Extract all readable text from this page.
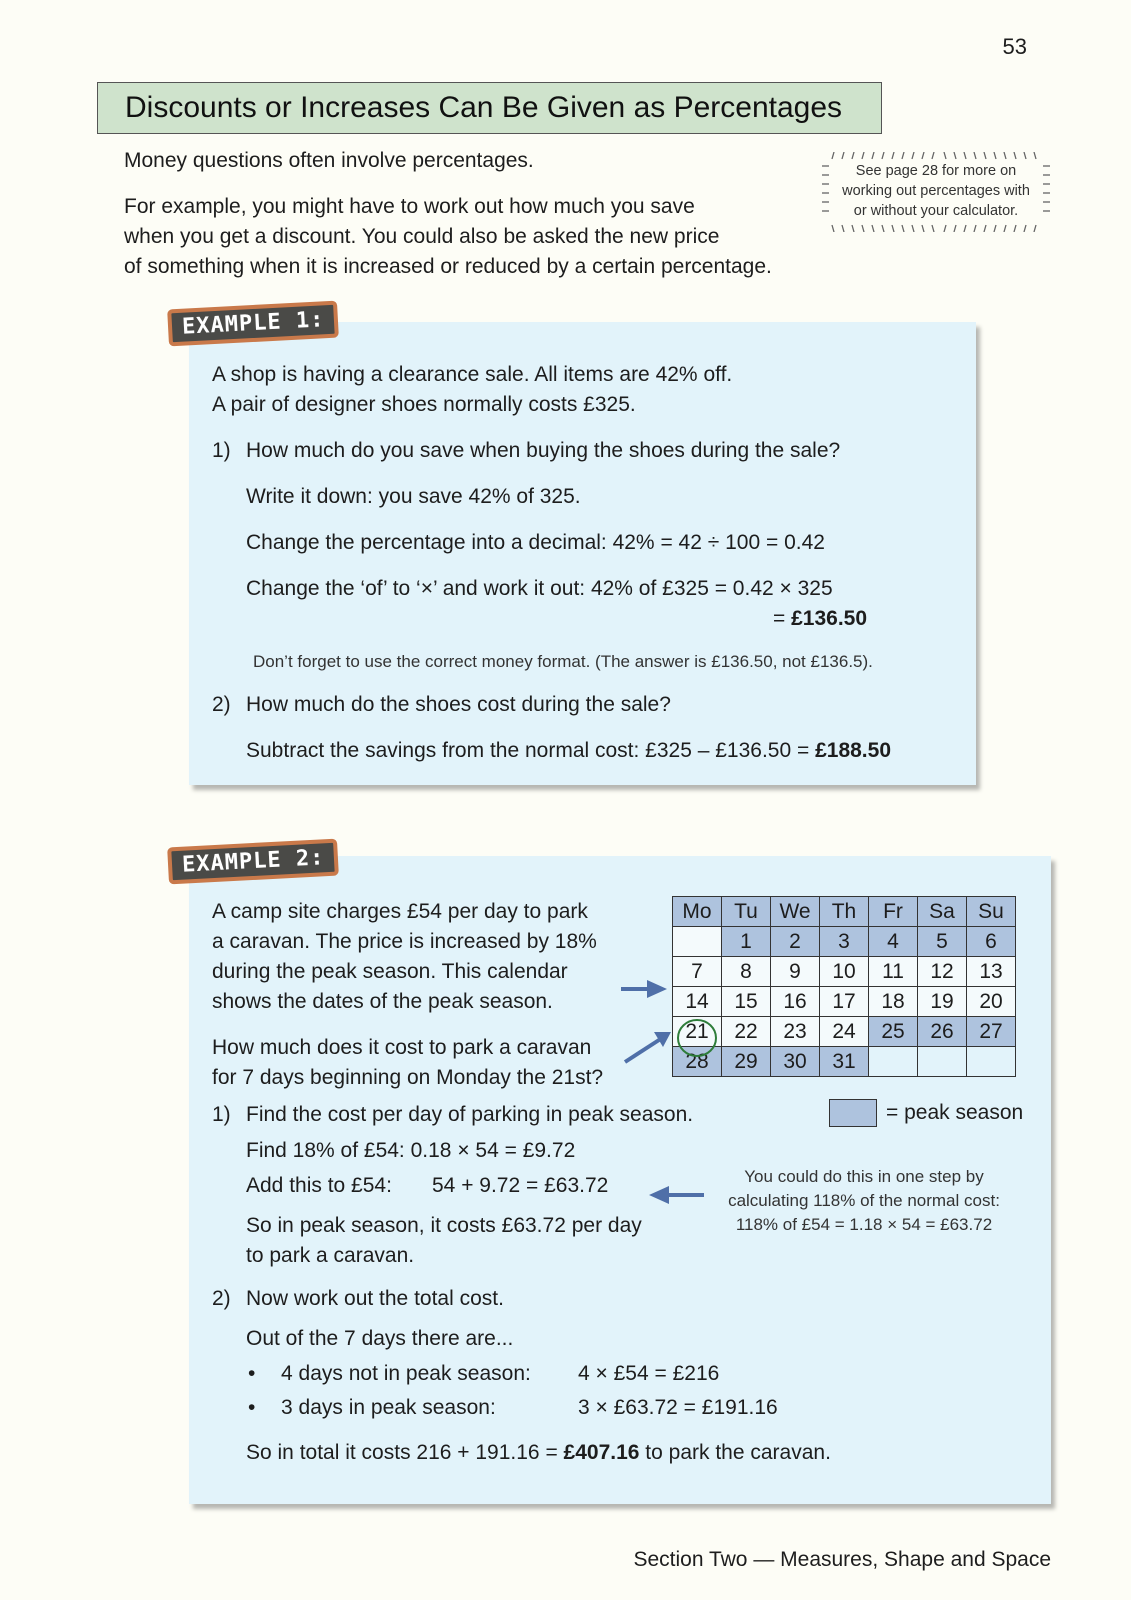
53
Discounts or Increases Can Be Given as Percentages
Money questions often involve percentages.
For example, you might have to work out how much you save
when you get a discount. You could also be asked the new price
of something when it is increased or reduced by a certain percentage.
See page 28 for more on
working out percentages with
or without your calculator.
A shop is having a clearance sale. All items are 42% off.
A pair of designer shoes normally costs £325.
1) How much do you save when buying the shoes during the sale?
Write it down: you save 42% of 325.
Change the percentage into a decimal: 42% = 42 ÷ 100 = 0.42
Change the ‘of’ to ‘×’ and work it out: 42% of £325 = 0.42 × 325
= £136.50
Don’t forget to use the correct money format. (The answer is £136.50, not £136.5).
2) How much do the shoes cost during the sale?
Subtract the savings from the normal cost: £325 – £136.50 = £188.50
EXAMPLE 1:
A camp site charges £54 per day to park
a caravan. The price is increased by 18%
during the peak season. This calendar
shows the dates of the peak season.
How much does it cost to park a caravan
for 7 days beginning on Monday the 21st?
Mo	Tu	We	Th	Fr	Sa	Su
	1	2	3	4	5	6
7	8	9	10	11	12	13
14	15	16	17	18	19	20
21	22	23	24	25	26	27
28	29	30	31			
= peak season
1) Find the cost per day of parking in peak season.
Find 18% of £54: 0.18 × 54 = £9.72
Add this to £54: 54 + 9.72 = £63.72
So in peak season, it costs £63.72 per day
to park a caravan.
You could do this in one step by
calculating 118% of the normal cost:
118% of £54 = 1.18 × 54 = £63.72
2) Now work out the total cost.
Out of the 7 days there are...
• 4 days not in peak season: 4 × £54 = £216
• 3 days in peak season:	3 × £63.72 = £191.16
So in total it costs 216 + 191.16 = £407.16 to park the caravan.
EXAMPLE 2:
Section Two — Measures, Shape and Space
